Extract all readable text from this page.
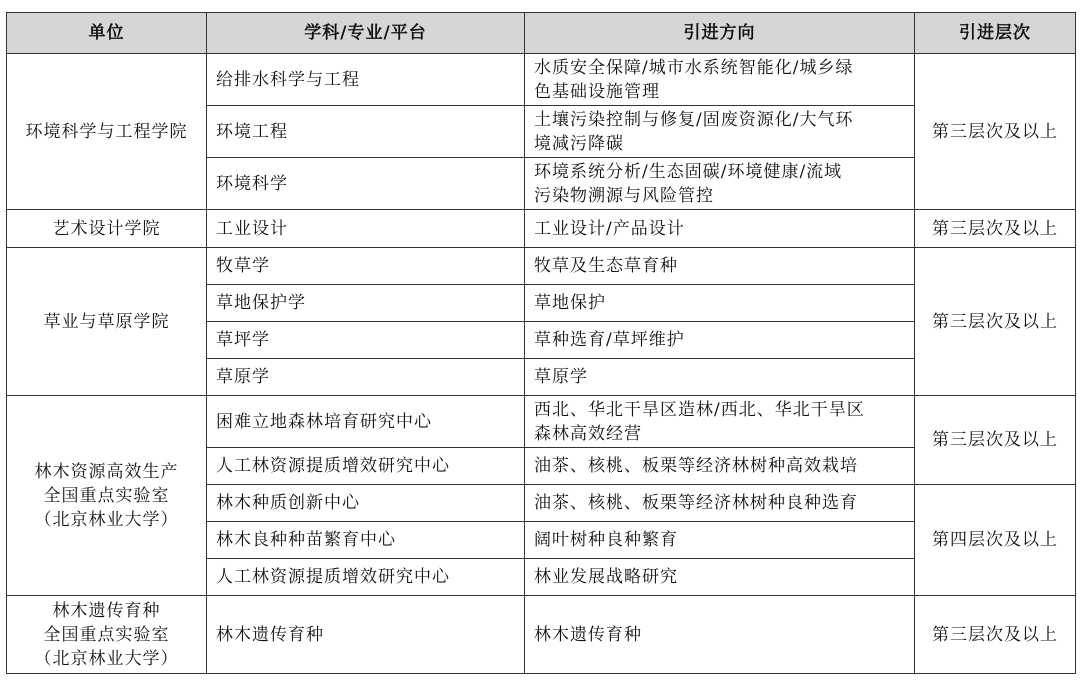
单位	学科/专业/平台	引进方向	引进层次

环境科学与工程学院	给排水科学与工程	水质安全保障/城市水系统智能化/城乡绿
色基础设施管理	第三层次及以上
	环境工程	土壤污染控制与修复/固废资源化/大气环
境减污降碳	

	环境科学	环境系统分析/生态固碳/环境健康/流域
污染物溯源与风险管控	

艺术设计学院	工业设计	工业设计/产品设计	第三层次及以上

草业与草原学院	牧草学	牧草及生态草育种	第三层次及以上
	草地保护学	草地保护	
	草坪学	草种选育/草坪维护	
	草原学	草原学	

林木资源高效生产
全国重点实验室
（北京林业大学）	困难立地森林培育研究中心	西北、华北干旱区造林/西北、华北干旱区
森林高效经营	第三层次及以上
	人工林资源提质增效研究中心	油茶、核桃、板栗等经济林树种高效栽培	
	林木种质创新中心	油茶、核桃、板栗等经济林树种良种选育	第四层次及以上
	林木良种种苗繁育中心	阔叶树种良种繁育	
	人工林资源提质增效研究中心	林业发展战略研究	

林木遗传育种
全国重点实验室
（北京林业大学）	林木遗传育种	林木遗传育种	第三层次及以上
